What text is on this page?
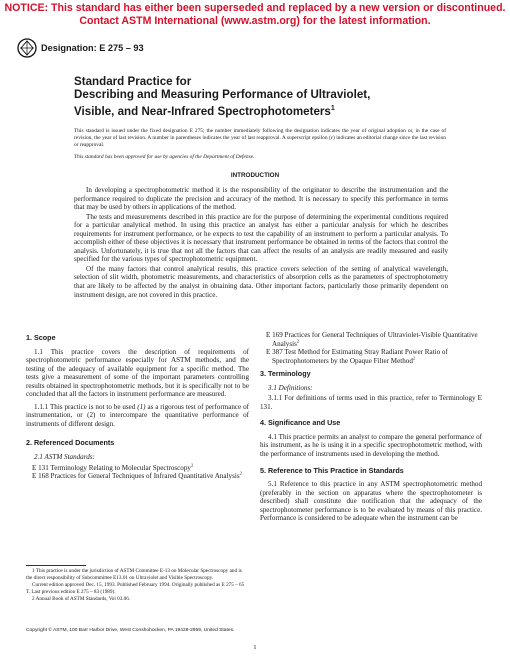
NOTICE: This standard has either been superseded and replaced by a new version or discontinued.
Contact ASTM International (www.astm.org) for the latest information.
Designation: E 275 – 93
Standard Practice for
Describing and Measuring Performance of Ultraviolet,
Visible, and Near-Infrared Spectrophotometers$^1$
This standard is issued under the fixed designation E 275; the number immediately following the designation indicates the year of original adoption or, in the case of revision, the year of last revision. A number in parentheses indicates the year of last reapproval. A superscript epsilon (ε) indicates an editorial change since the last revision or reapproval.
This standard has been approved for use by agencies of the Department of Defense.
INTRODUCTION

In developing a spectrophotometric method it is the responsibility of the originator to describe the instrumentation and the performance required to duplicate the precision and accuracy of the method. It is necessary to specify this performance in terms that may be used by others in applications of the method.

The tests and measurements described in this practice are for the purpose of determining the experimental conditions required for a particular analytical method. In using this practice an analyst has either a particular analysis for which he describes requirements for instrument performance, or he expects to test the capability of an instrument to perform a particular analysis. To accomplish either of these objectives it is necessary that instrument performance be obtained in terms of the factors that control the analysis. Unfortunately, it is true that not all the factors that can affect the results of an analysis are readily measured and easily specified for the various types of spectrophotometric equipment.

Of the many factors that control analytical results, this practice covers selection of the setting of analytical wavelength, selection of slit width, photometric measurements, and characteristics of absorption cells as the parameters of spectrophotometry that are likely to be affected by the analyst in obtaining data. Other important factors, particularly those primarily dependent on instrument design, are not covered in this practice.

1. Scope

1.1 This practice covers the description of requirements of spectrophotometric performance especially for ASTM methods, and the testing of the adequacy of available equipment for a specific method. The tests give a measurement of some of the important parameters controlling results obtained in spectrophotometric methods, but it is specifically not to be concluded that all the factors in instrument performance are measured.

1.1.1 This practice is not to be used (1) as a rigorous test of performance of instrumentation, or (2) to intercompare the quantitative performance of instruments of different design.

2. Referenced Documents

2.1 ASTM Standards:

E 131 Terminology Relating to Molecular Spectroscopy$^2$

E 168 Practices for General Techniques of Infrared Quantitative Analysis$^2$

E 169 Practices for General Techniques of Ultraviolet-Visible Quantitative Analysis$^2$

E 387 Test Method for Estimating Stray Radiant Power Ratio of Spectrophotometers by the Opaque Filter Method$^2$

3. Terminology

3.1 Definitions:

3.1.1 For definitions of terms used in this practice, refer to Terminology E 131.

4. Significance and Use

4.1 This practice permits an analyst to compare the general performance of his instrument, as he is using it in a specific spectrophotometric method, with the performance of instruments used in developing the method.

5. Reference to This Practice in Standards

5.1 Reference to this practice in any ASTM spectrophotometric method (preferably in the section on apparatus where the spectrophotometer is described) shall constitute due notification that the adequacy of the spectrophotometer performance is to be evaluated by means of this practice. Performance is considered to be adequate when the instrument can be

1 This practice is under the jurisdiction of ASTM Committee E-13 on Molecular Spectroscopy and is the direct responsibility of Subcommittee E13.01 on Ultraviolet and Visible Spectroscopy.

Current edition approved Dec. 15, 1993. Published February 1994. Originally published as E 275 – 65 T. Last previous edition E 275 – 83 (1989).

2 Annual Book of ASTM Standards, Vol 03.06.

Copyright © ASTM, 100 Barr Harbor Drive, West Conshohocken, PA 19428-2959, United States.
1
